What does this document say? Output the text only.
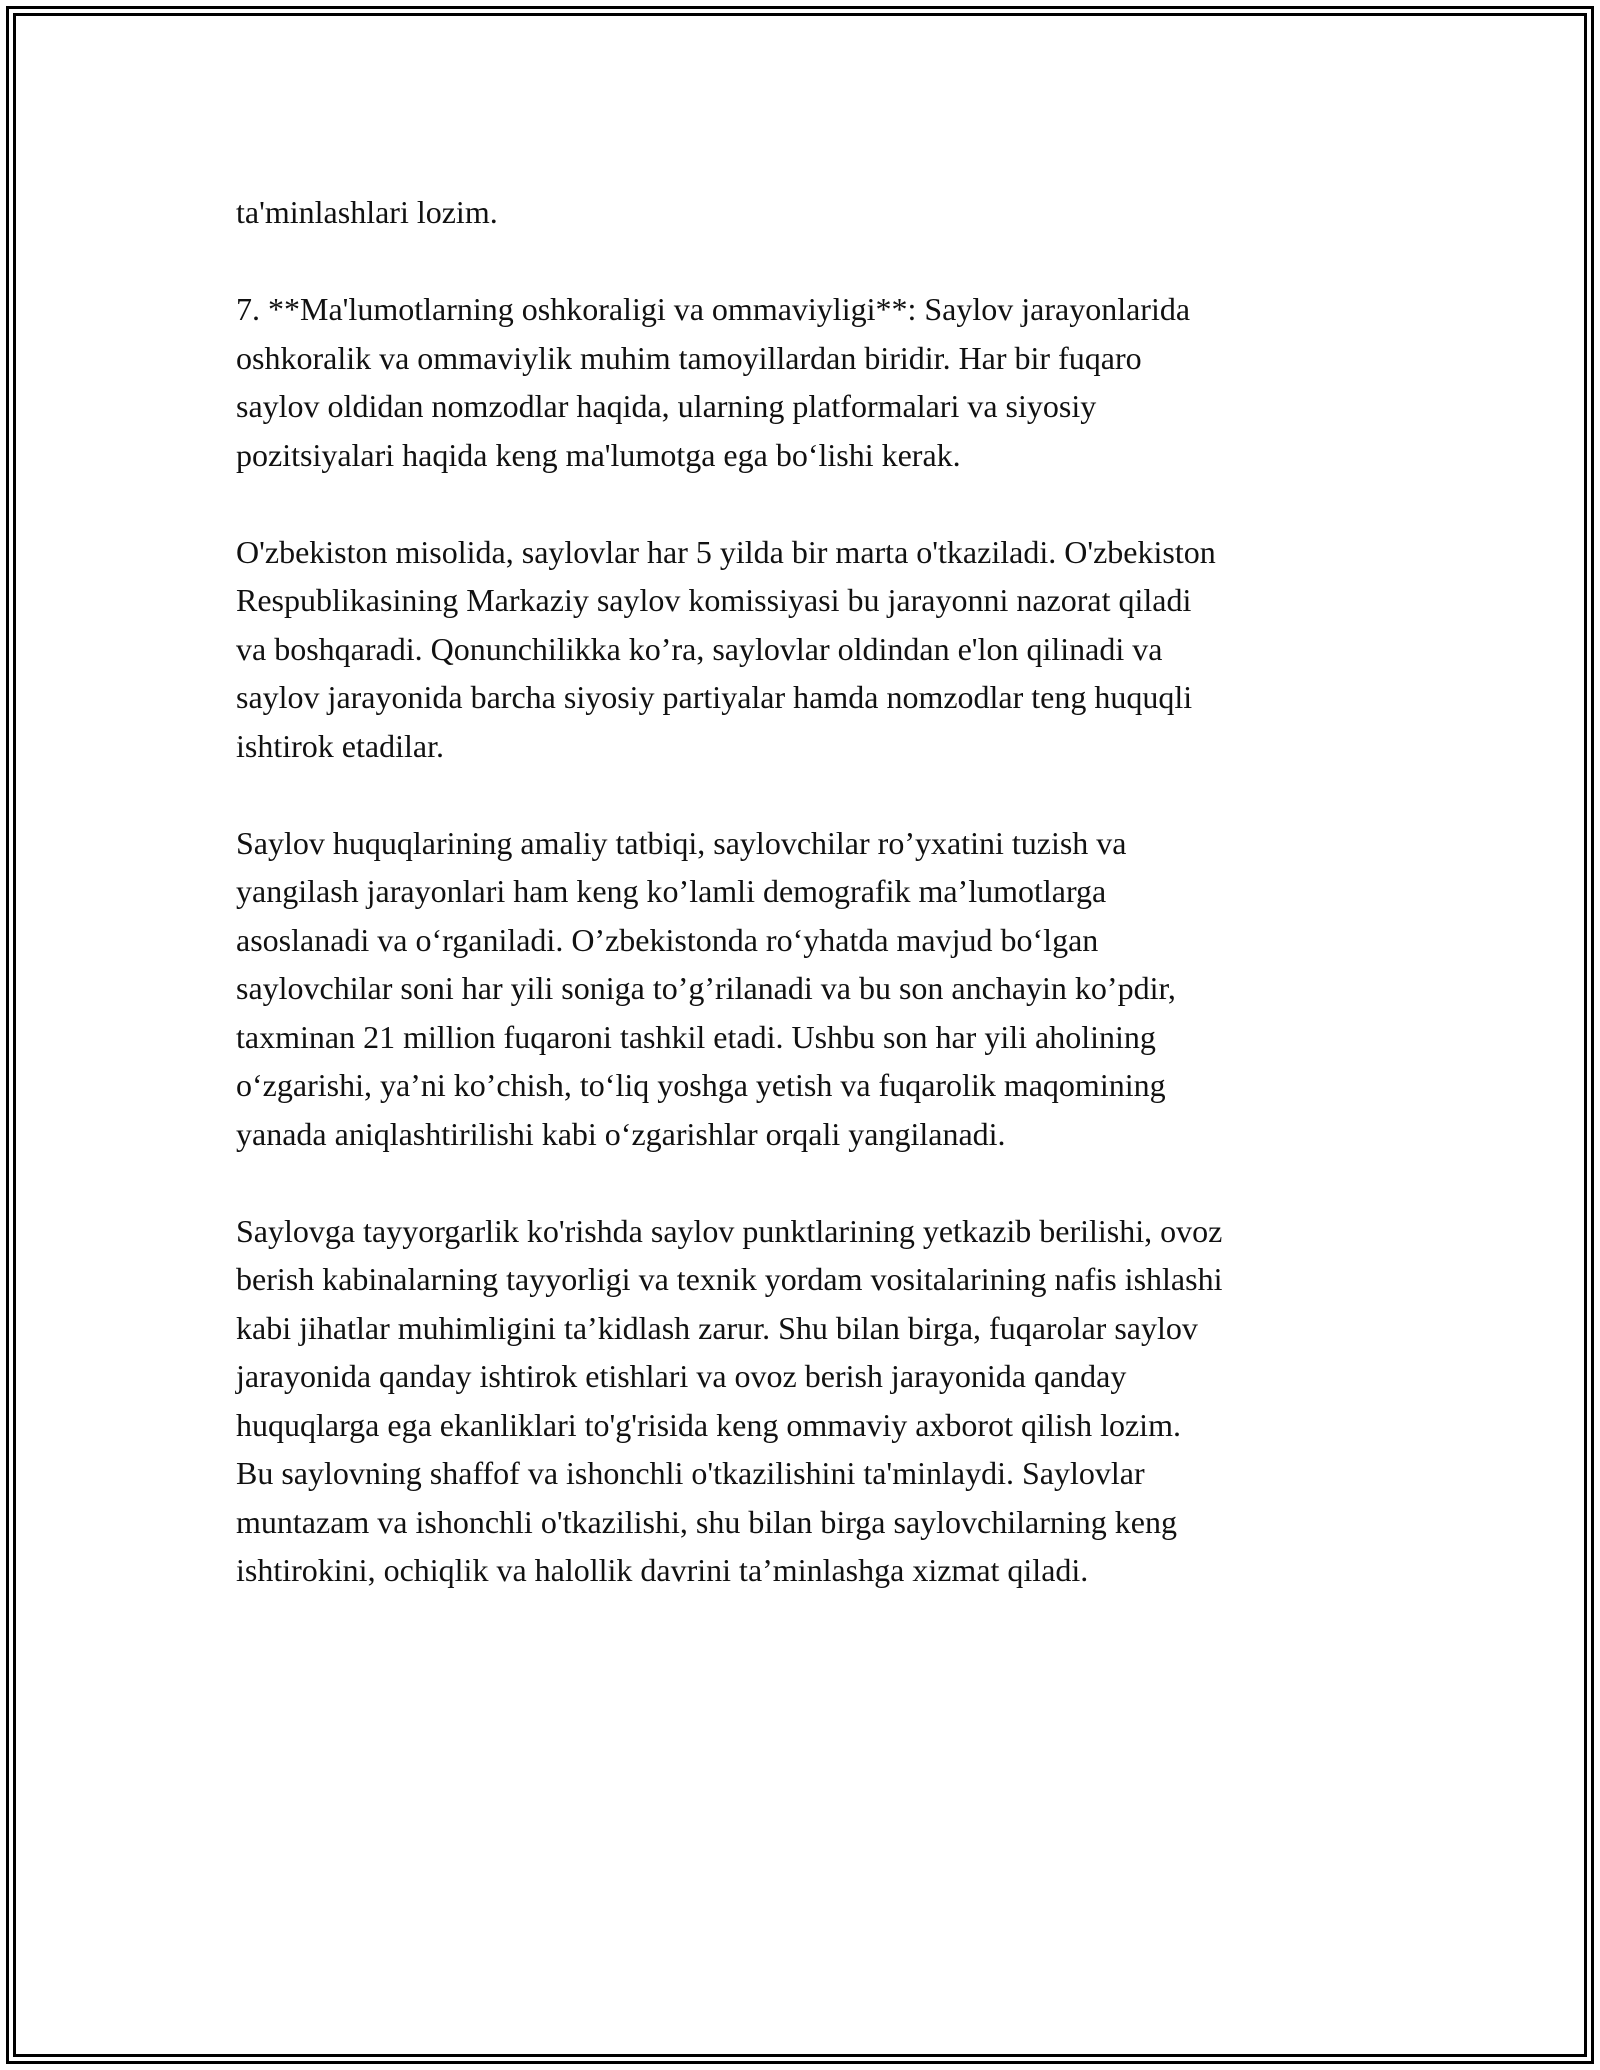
ta'minlashlari lozim.

7. **Ma'lumotlarning oshkoraligi va ommaviyligi**: Saylov jarayonlarida
oshkoralik va ommaviylik muhim tamoyillardan biridir. Har bir fuqaro
saylov oldidan nomzodlar haqida, ularning platformalari va siyosiy
pozitsiyalari haqida keng ma'lumotga ega boʻlishi kerak.

O'zbekiston misolida, saylovlar har 5 yilda bir marta o'tkaziladi. O'zbekiston
Respublikasining Markaziy saylov komissiyasi bu jarayonni nazorat qiladi
va boshqaradi. Qonunchilikka ko’ra, saylovlar oldindan e'lon qilinadi va
saylov jarayonida barcha siyosiy partiyalar hamda nomzodlar teng huquqli
ishtirok etadilar.

Saylov huquqlarining amaliy tatbiqi, saylovchilar ro’yxatini tuzish va
yangilash jarayonlari ham keng ko’lamli demografik ma’lumotlarga
asoslanadi va oʻrganiladi. O’zbekistonda roʻyhatda mavjud boʻlgan
saylovchilar soni har yili soniga to’g’rilanadi va bu son anchayin ko’pdir,
taxminan 21 million fuqaroni tashkil etadi. Ushbu son har yili aholining
oʻzgarishi, ya’ni ko’chish, toʻliq yoshga yetish va fuqarolik maqomining
yanada aniqlashtirilishi kabi oʻzgarishlar orqali yangilanadi.

Saylovga tayyorgarlik ko'rishda saylov punktlarining yetkazib berilishi, ovoz
berish kabinalarning tayyorligi va texnik yordam vositalarining nafis ishlashi
kabi jihatlar muhimligini ta’kidlash zarur. Shu bilan birga, fuqarolar saylov
jarayonida qanday ishtirok etishlari va ovoz berish jarayonida qanday
huquqlarga ega ekanliklari to'g'risida keng ommaviy axborot qilish lozim.
Bu saylovning shaffof va ishonchli o'tkazilishini ta'minlaydi. Saylovlar
muntazam va ishonchli o'tkazilishi, shu bilan birga saylovchilarning keng
ishtirokini, ochiqlik va halollik davrini ta’minlashga xizmat qiladi.
